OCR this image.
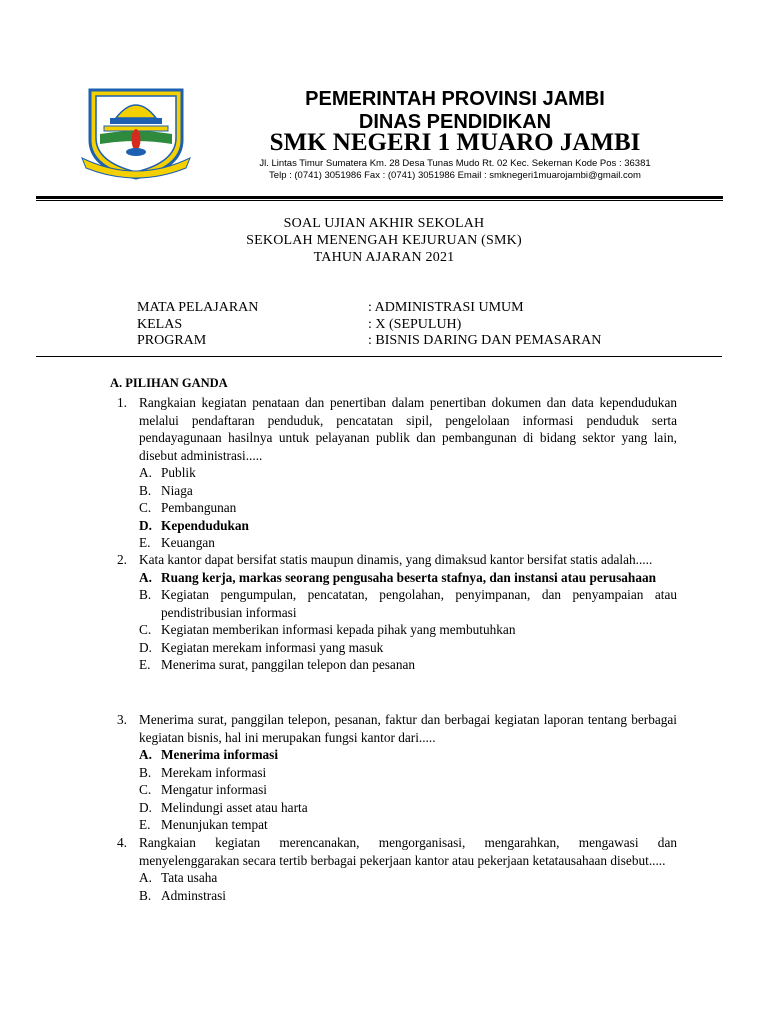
PEMERINTAH PROVINSI JAMBI
DINAS PENDIDIKAN
SMK NEGERI 1 MUARO JAMBI
Jl. Lintas Timur Sumatera Km. 28 Desa Tunas Mudo Rt. 02 Kec. Sekernan Kode Pos : 36381
Telp : (0741) 3051986 Fax : (0741) 3051986 Email : smknegeri1muarojambi@gmail.com
SOAL UJIAN AKHIR SEKOLAH
SEKOLAH MENENGAH KEJURUAN (SMK)
TAHUN AJARAN 2021
MATA PELAJARAN	: ADMINISTRASI UMUM
KELAS	: X (SEPULUH)
PROGRAM	: BISNIS DARING DAN PEMASARAN
A. PILIHAN GANDA
1. Rangkaian kegiatan penataan dan penertiban dalam penertiban dokumen dan data kependudukan melalui pendaftaran penduduk, pencatatan sipil, pengelolaan informasi penduduk serta pendayagunaan hasilnya untuk pelayanan publik dan pembangunan di bidang sektor yang lain, disebut administrasi.....
A. Publik
B. Niaga
C. Pembangunan
D. Kependudukan
E. Keuangan
2. Kata kantor dapat bersifat statis maupun dinamis, yang dimaksud kantor bersifat statis adalah.....
A. Ruang kerja, markas seorang pengusaha beserta stafnya, dan instansi atau perusahaan
B. Kegiatan pengumpulan, pencatatan, pengolahan, penyimpanan, dan penyampaian atau pendistribusian informasi
C. Kegiatan memberikan informasi kepada pihak yang membutuhkan
D. Kegiatan merekam informasi yang masuk
E. Menerima surat, panggilan telepon dan pesanan
3. Menerima surat, panggilan telepon, pesanan, faktur dan berbagai kegiatan laporan tentang berbagai kegiatan bisnis, hal ini merupakan fungsi kantor dari.....
A. Menerima informasi
B. Merekam informasi
C. Mengatur informasi
D. Melindungi asset atau harta
E. Menunjukan tempat
4. Rangkaian kegiatan merencanakan, mengorganisasi, mengarahkan, mengawasi dan menyelenggarakan secara tertib berbagai pekerjaan kantor atau pekerjaan ketatausahaan disebut.....
A. Tata usaha
B. Adminstrasi
